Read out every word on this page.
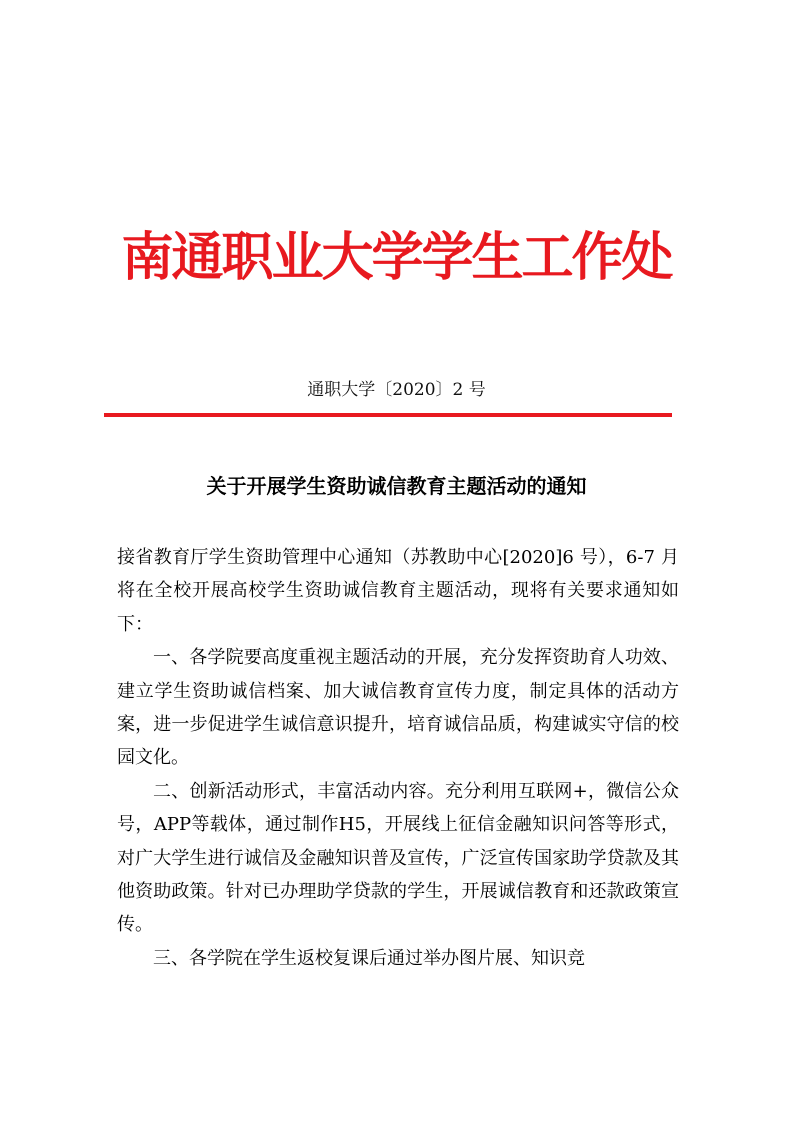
南通职业大学学生工作处
通职大学〔2020〕2 号
关于开展学生资助诚信教育主题活动的通知

接省教育厅学生资助管理中心通知（苏教助中心[2020]6 号），6-7 月将在全校开展高校学生资助诚信教育主题活动，现将有关要求通知如下：

一、各学院要高度重视主题活动的开展，充分发挥资助育人功效、建立学生资助诚信档案、加大诚信教育宣传力度，制定具体的活动方案，进一步促进学生诚信意识提升，培育诚信品质，构建诚实守信的校园文化。

二、创新活动形式，丰富活动内容。充分利用互联网+，微信公众号，APP等载体，通过制作H5，开展线上征信金融知识问答等形式，对广大学生进行诚信及金融知识普及宣传，广泛宣传国家助学贷款及其他资助政策。针对已办理助学贷款的学生，开展诚信教育和还款政策宣传。

三、各学院在学生返校复课后通过举办图片展、知识竞
